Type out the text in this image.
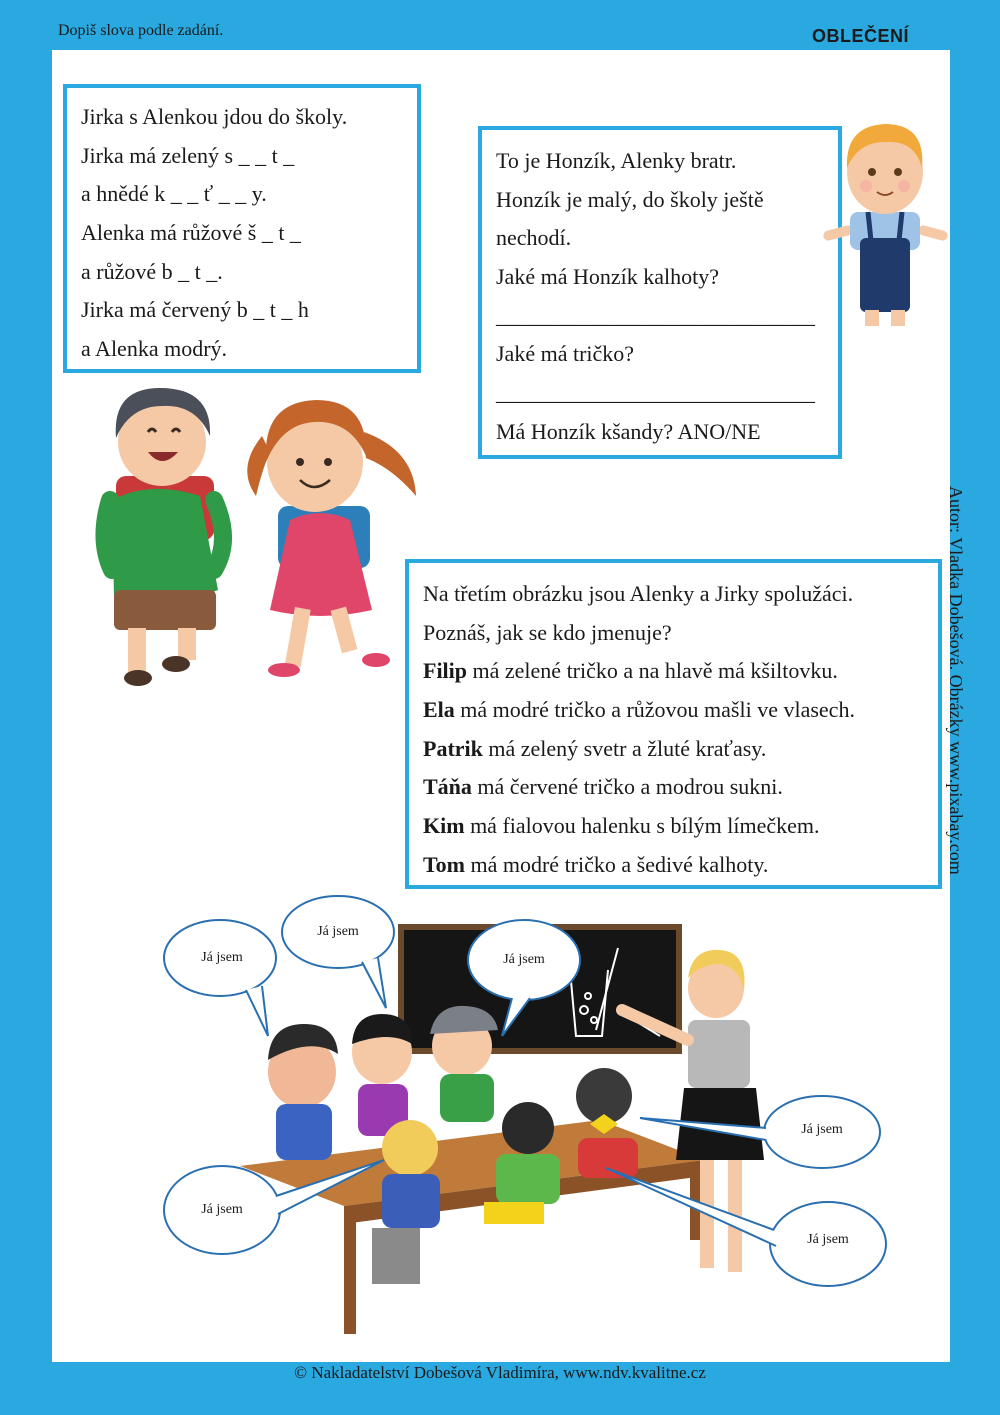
Dopiš slova podle zadání.	OBLEČENÍ
Jirka s Alenkou jdou do školy.
Jirka má zelený s _ _ t _
a hnědé k _ _ ť _ _ y.
Alenka má růžové š _ t _
a růžové b _ t _.
Jirka má červený b _ t _ h
a Alenka modrý.
To je Honzík, Alenky bratr.
Honzík je malý, do školy ještě
nechodí.
Jaké má Honzík kalhoty?
_____________________________
Jaké má tričko?
_____________________________
Má Honzík kšandy? ANO/NE
Na třetím obrázku jsou Alenky a Jirky spolužáci.
Poznáš, jak se kdo jmenuje?
Filip má zelené tričko a na hlavě má kšiltovku.
Ela má modré tričko a růžovou mašli ve vlasech.
Patrik má zelený svetr a žluté kraťasy.
Táňa má červené tričko a modrou sukni.
Kim má fialovou halenku s bílým límečkem.
Tom má modré tričko a šedivé kalhoty.
Já jsem
Já jsem
Já jsem
Já jsem
Já jsem
Já jsem
Autor: Vladka Dobešová. Obrázky www.pixabay.com
© Nakladatelství Dobešová Vladimíra, www.ndv.kvalitne.cz
